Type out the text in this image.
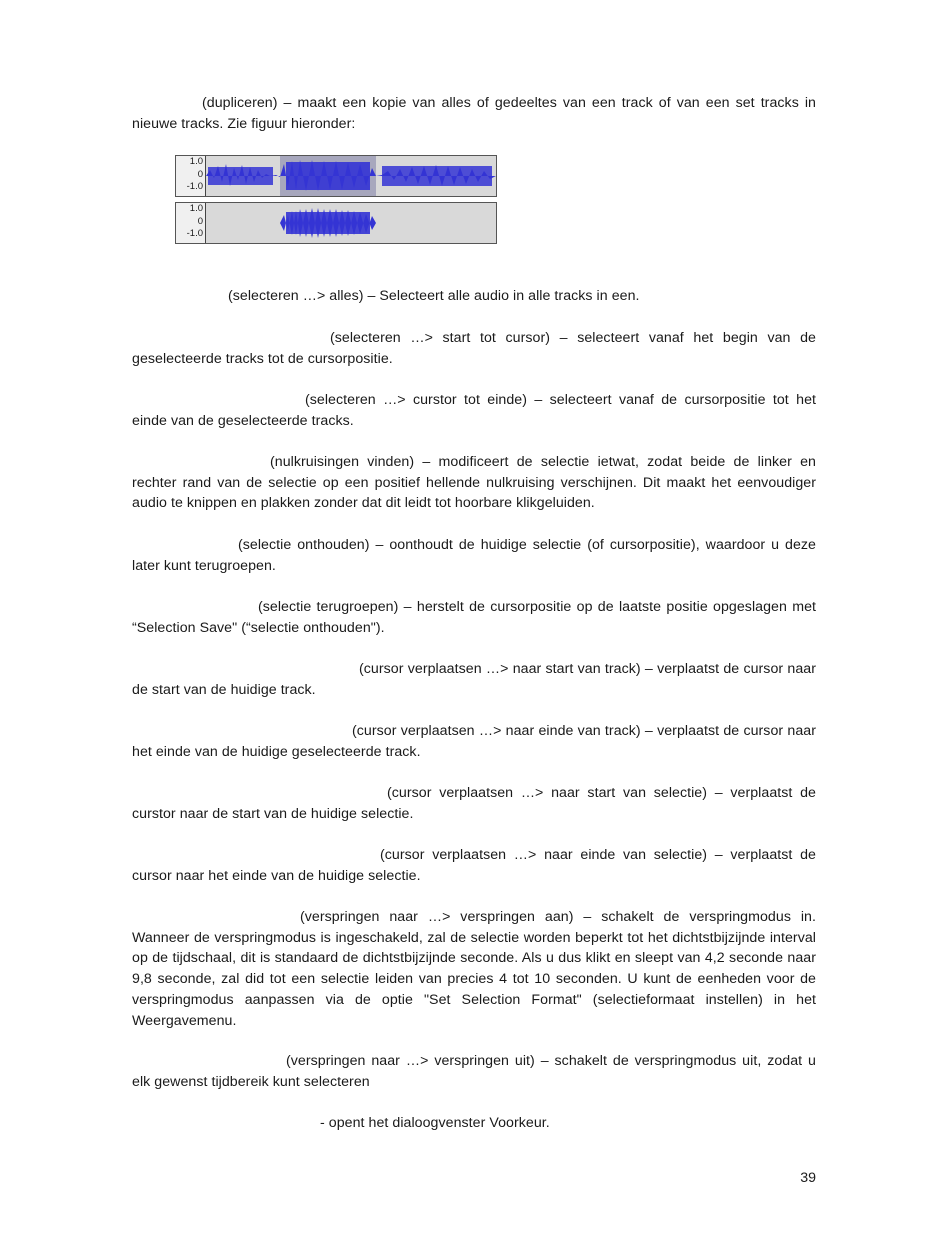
(dupliceren) – maakt een kopie van alles of gedeeltes van een track of van een set tracks in nieuwe tracks. Zie figuur hieronder:
1.0
0
-1.0
1.0
0
-1.0
(selecteren …> alles) – Selecteert alle audio in alle tracks in een.
(selecteren …> start tot cursor) – selecteert vanaf het begin van de geselecteerde tracks tot de cursorpositie.
(selecteren …> curstor tot einde) – selecteert vanaf de cursorpositie tot het einde van de geselecteerde tracks.
(nulkruisingen vinden) – modificeert de selectie ietwat, zodat beide de linker en rechter rand van de selectie op een positief hellende nulkruising verschijnen. Dit maakt het eenvoudiger audio te knippen en plakken zonder dat dit leidt tot hoorbare klikgeluiden.
(selectie onthouden) – oonthoudt de huidige selectie (of cursorpositie), waardoor u deze later kunt terugroepen.
(selectie terugroepen) – herstelt de cursorpositie op de laatste positie opgeslagen met “Selection Save" (“selectie onthouden").
(cursor verplaatsen …> naar start van track) – verplaatst de cursor naar de start van de huidige track.
(cursor verplaatsen …> naar einde van track) – verplaatst de cursor naar het einde van de huidige geselecteerde track.
(cursor verplaatsen …> naar start van selectie) – verplaatst de curstor naar de start van de huidige selectie.
(cursor verplaatsen …> naar einde van selectie) – verplaatst de cursor naar het einde van de huidige selectie.
(verspringen naar …> verspringen aan) – schakelt de verspringmodus in. Wanneer de verspringmodus is ingeschakeld, zal de selectie worden beperkt tot het dichtstbijzijnde interval op de tijdschaal, dit is standaard de dichtstbijzijnde seconde. Als u dus klikt en sleept van 4,2 seconde naar 9,8 seconde, zal did tot een selectie leiden van precies 4 tot 10 seconden. U kunt de eenheden voor de verspringmodus aanpassen via de optie "Set Selection Format" (selectieformaat instellen) in het Weergavemenu.
(verspringen naar …> verspringen uit) – schakelt de verspringmodus uit, zodat u elk gewenst tijdbereik kunt selecteren
- opent het dialoogvenster Voorkeur.
39
